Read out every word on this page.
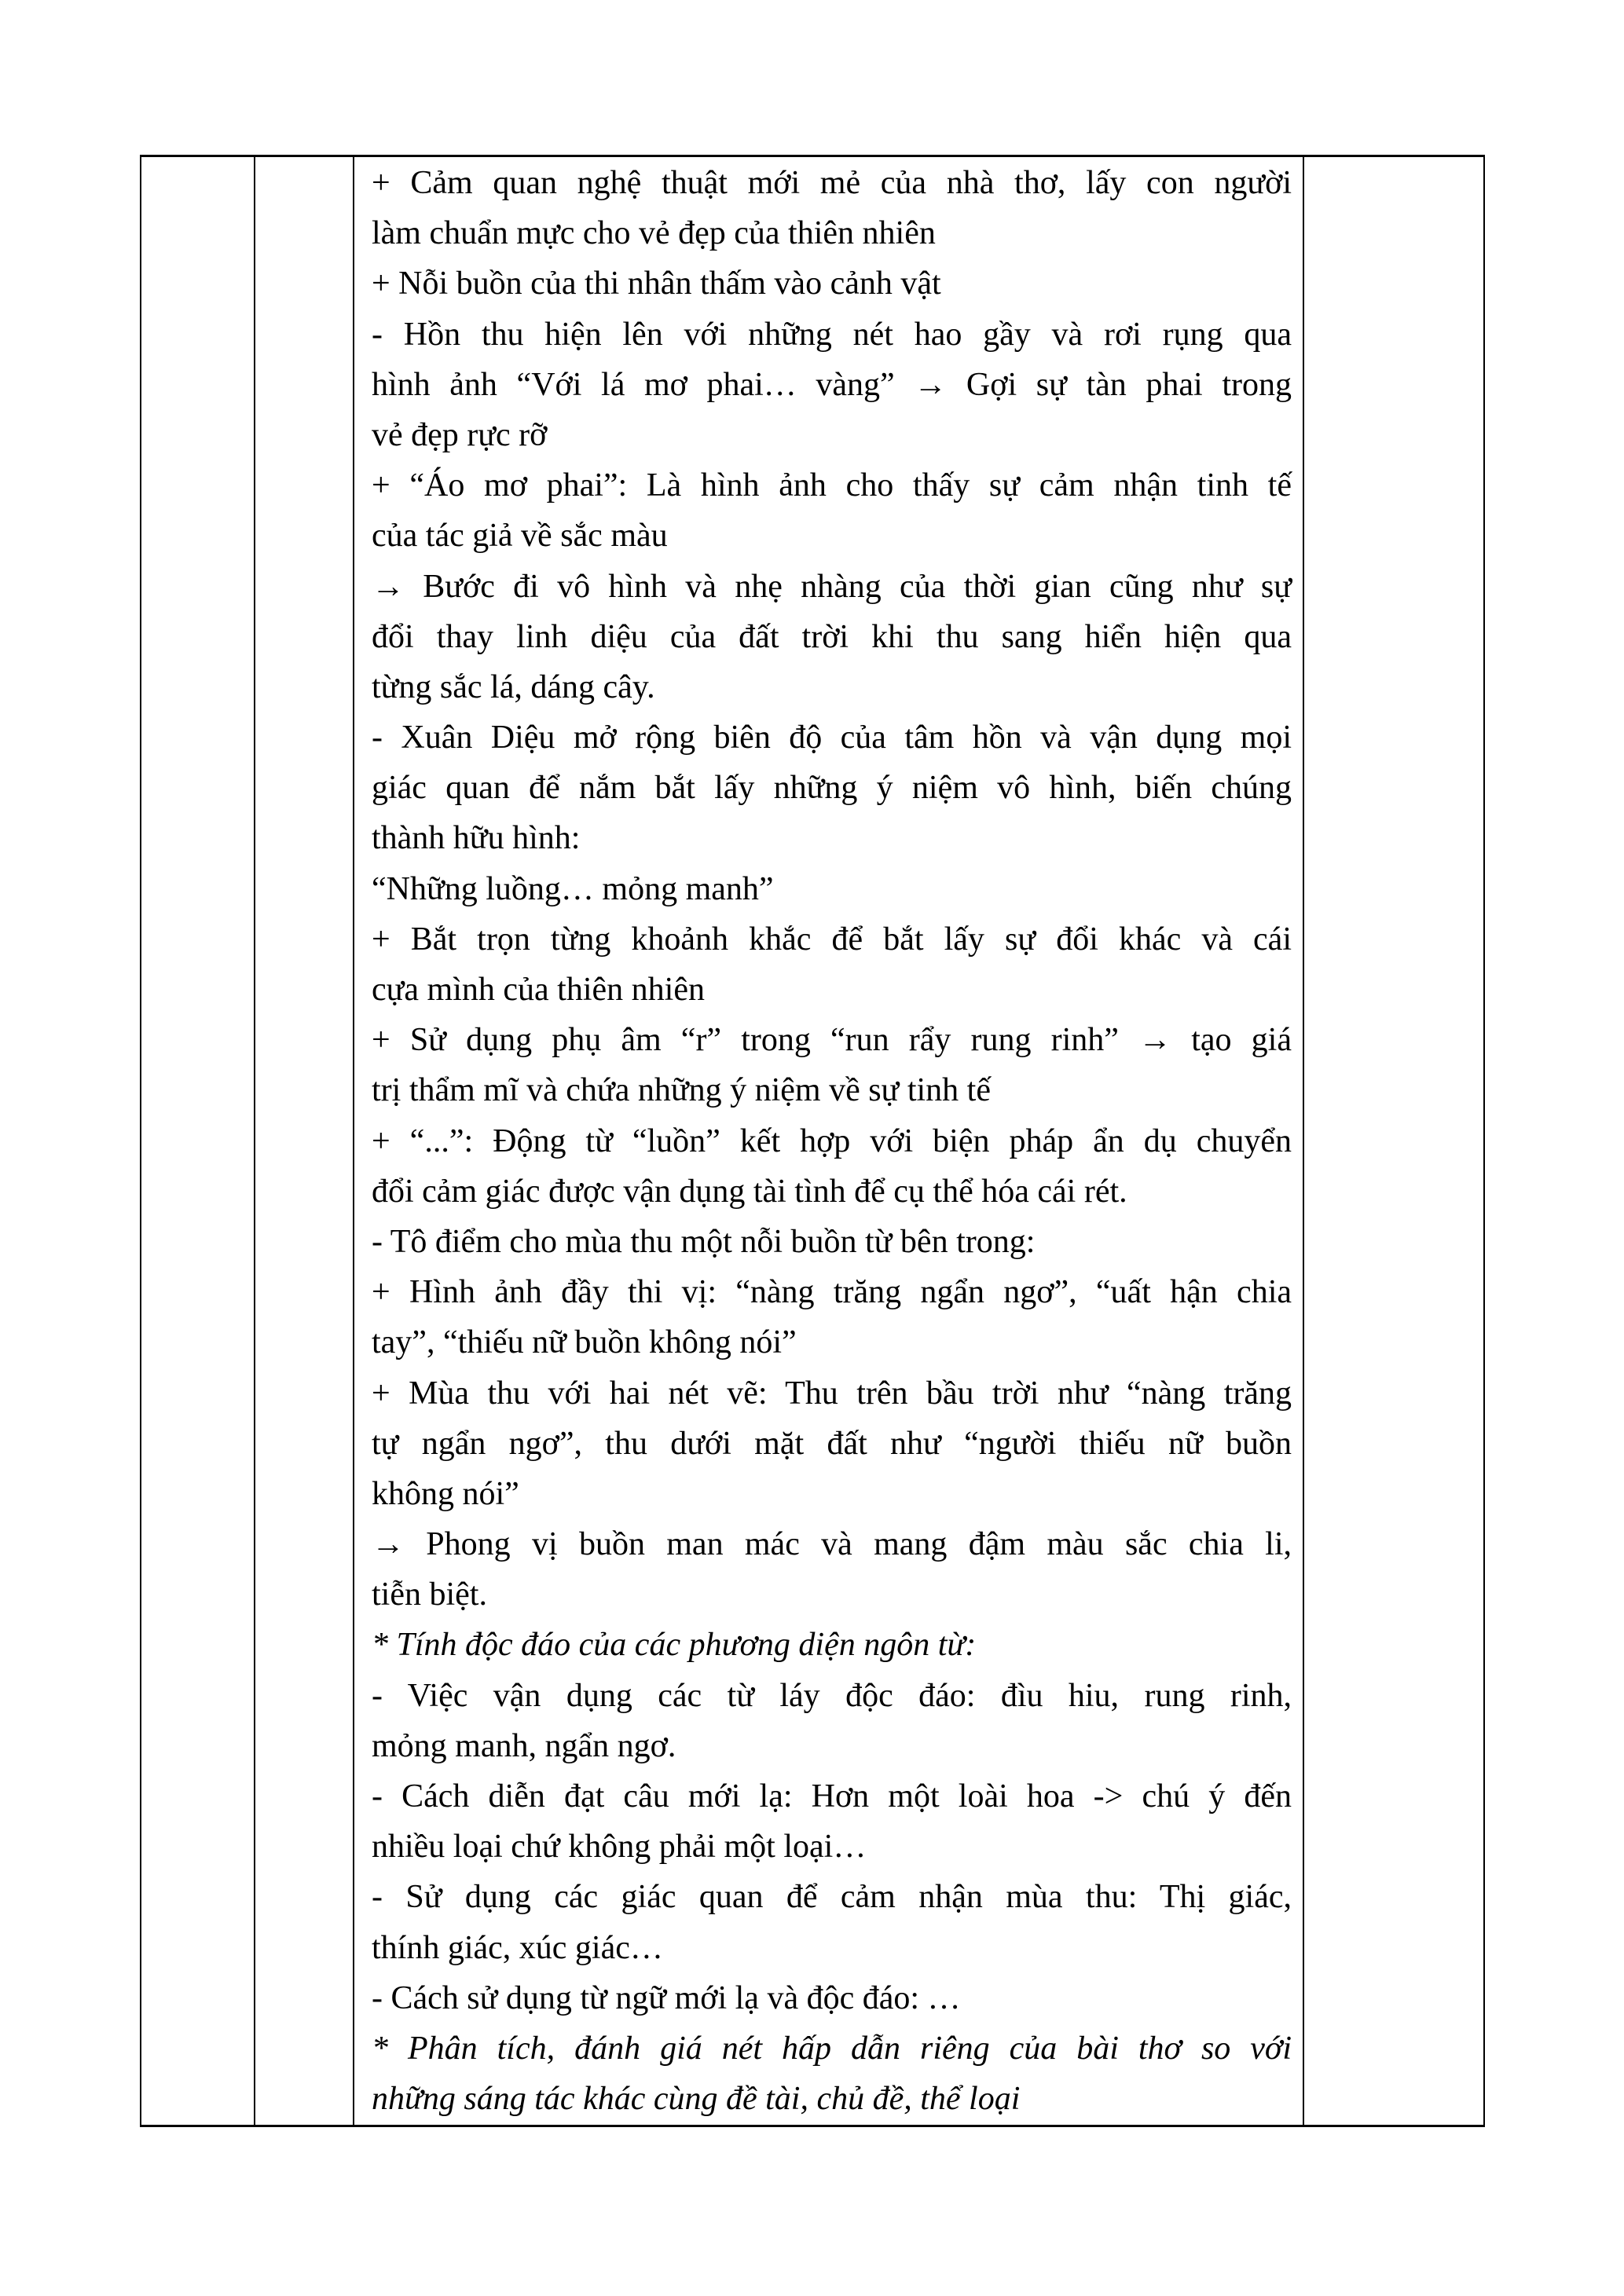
+ Cảm quan nghệ thuật mới mẻ của nhà thơ, lấy con người
làm chuẩn mực cho vẻ đẹp của thiên nhiên
+ Nỗi buồn của thi nhân thấm vào cảnh vật
- Hồn thu hiện lên với những nét hao gầy và rơi rụng qua
hình ảnh “Với lá mơ phai… vàng” → Gợi sự tàn phai trong
vẻ đẹp rực rỡ
+ “Áo mơ phai”: Là hình ảnh cho thấy sự cảm nhận tinh tế
của tác giả về sắc màu
→ Bước đi vô hình và nhẹ nhàng của thời gian cũng như sự
đổi thay linh diệu của đất trời khi thu sang hiển hiện qua
từng sắc lá, dáng cây.
- Xuân Diệu mở rộng biên độ của tâm hồn và vận dụng mọi
giác quan để nắm bắt lấy những ý niệm vô hình, biến chúng
thành hữu hình:
“Những luồng… mỏng manh”
+ Bắt trọn từng khoảnh khắc để bắt lấy sự đổi khác và cái
cựa mình của thiên nhiên
+ Sử dụng phụ âm “r” trong “run rẩy rung rinh” → tạo giá
trị thẩm mĩ và chứa những ý niệm về sự tinh tế
+ “...”: Động từ “luồn” kết hợp với biện pháp ẩn dụ chuyển
đổi cảm giác được vận dụng tài tình để cụ thể hóa cái rét.
- Tô điểm cho mùa thu một nỗi buồn từ bên trong:
+ Hình ảnh đầy thi vị: “nàng trăng ngẩn ngơ”, “uất hận chia
tay”, “thiếu nữ buồn không nói”
+ Mùa thu với hai nét vẽ: Thu trên bầu trời như “nàng trăng
tự ngẩn ngơ”, thu dưới mặt đất như “người thiếu nữ buồn
không nói”
→ Phong vị buồn man mác và mang đậm màu sắc chia li,
tiễn biệt.
* Tính độc đáo của các phương diện ngôn từ:
- Việc vận dụng các từ láy độc đáo: đìu hiu, rung rinh,
mỏng manh, ngẩn ngơ.
- Cách diễn đạt câu mới lạ: Hơn một loài hoa -> chú ý đến
nhiều loại chứ không phải một loại…
- Sử dụng các giác quan để cảm nhận mùa thu: Thị giác,
thính giác, xúc giác…
- Cách sử dụng từ ngữ mới lạ và độc đáo: …
* Phân tích, đánh giá nét hấp dẫn riêng của bài thơ so với
những sáng tác khác cùng đề tài, chủ đề, thể loại
